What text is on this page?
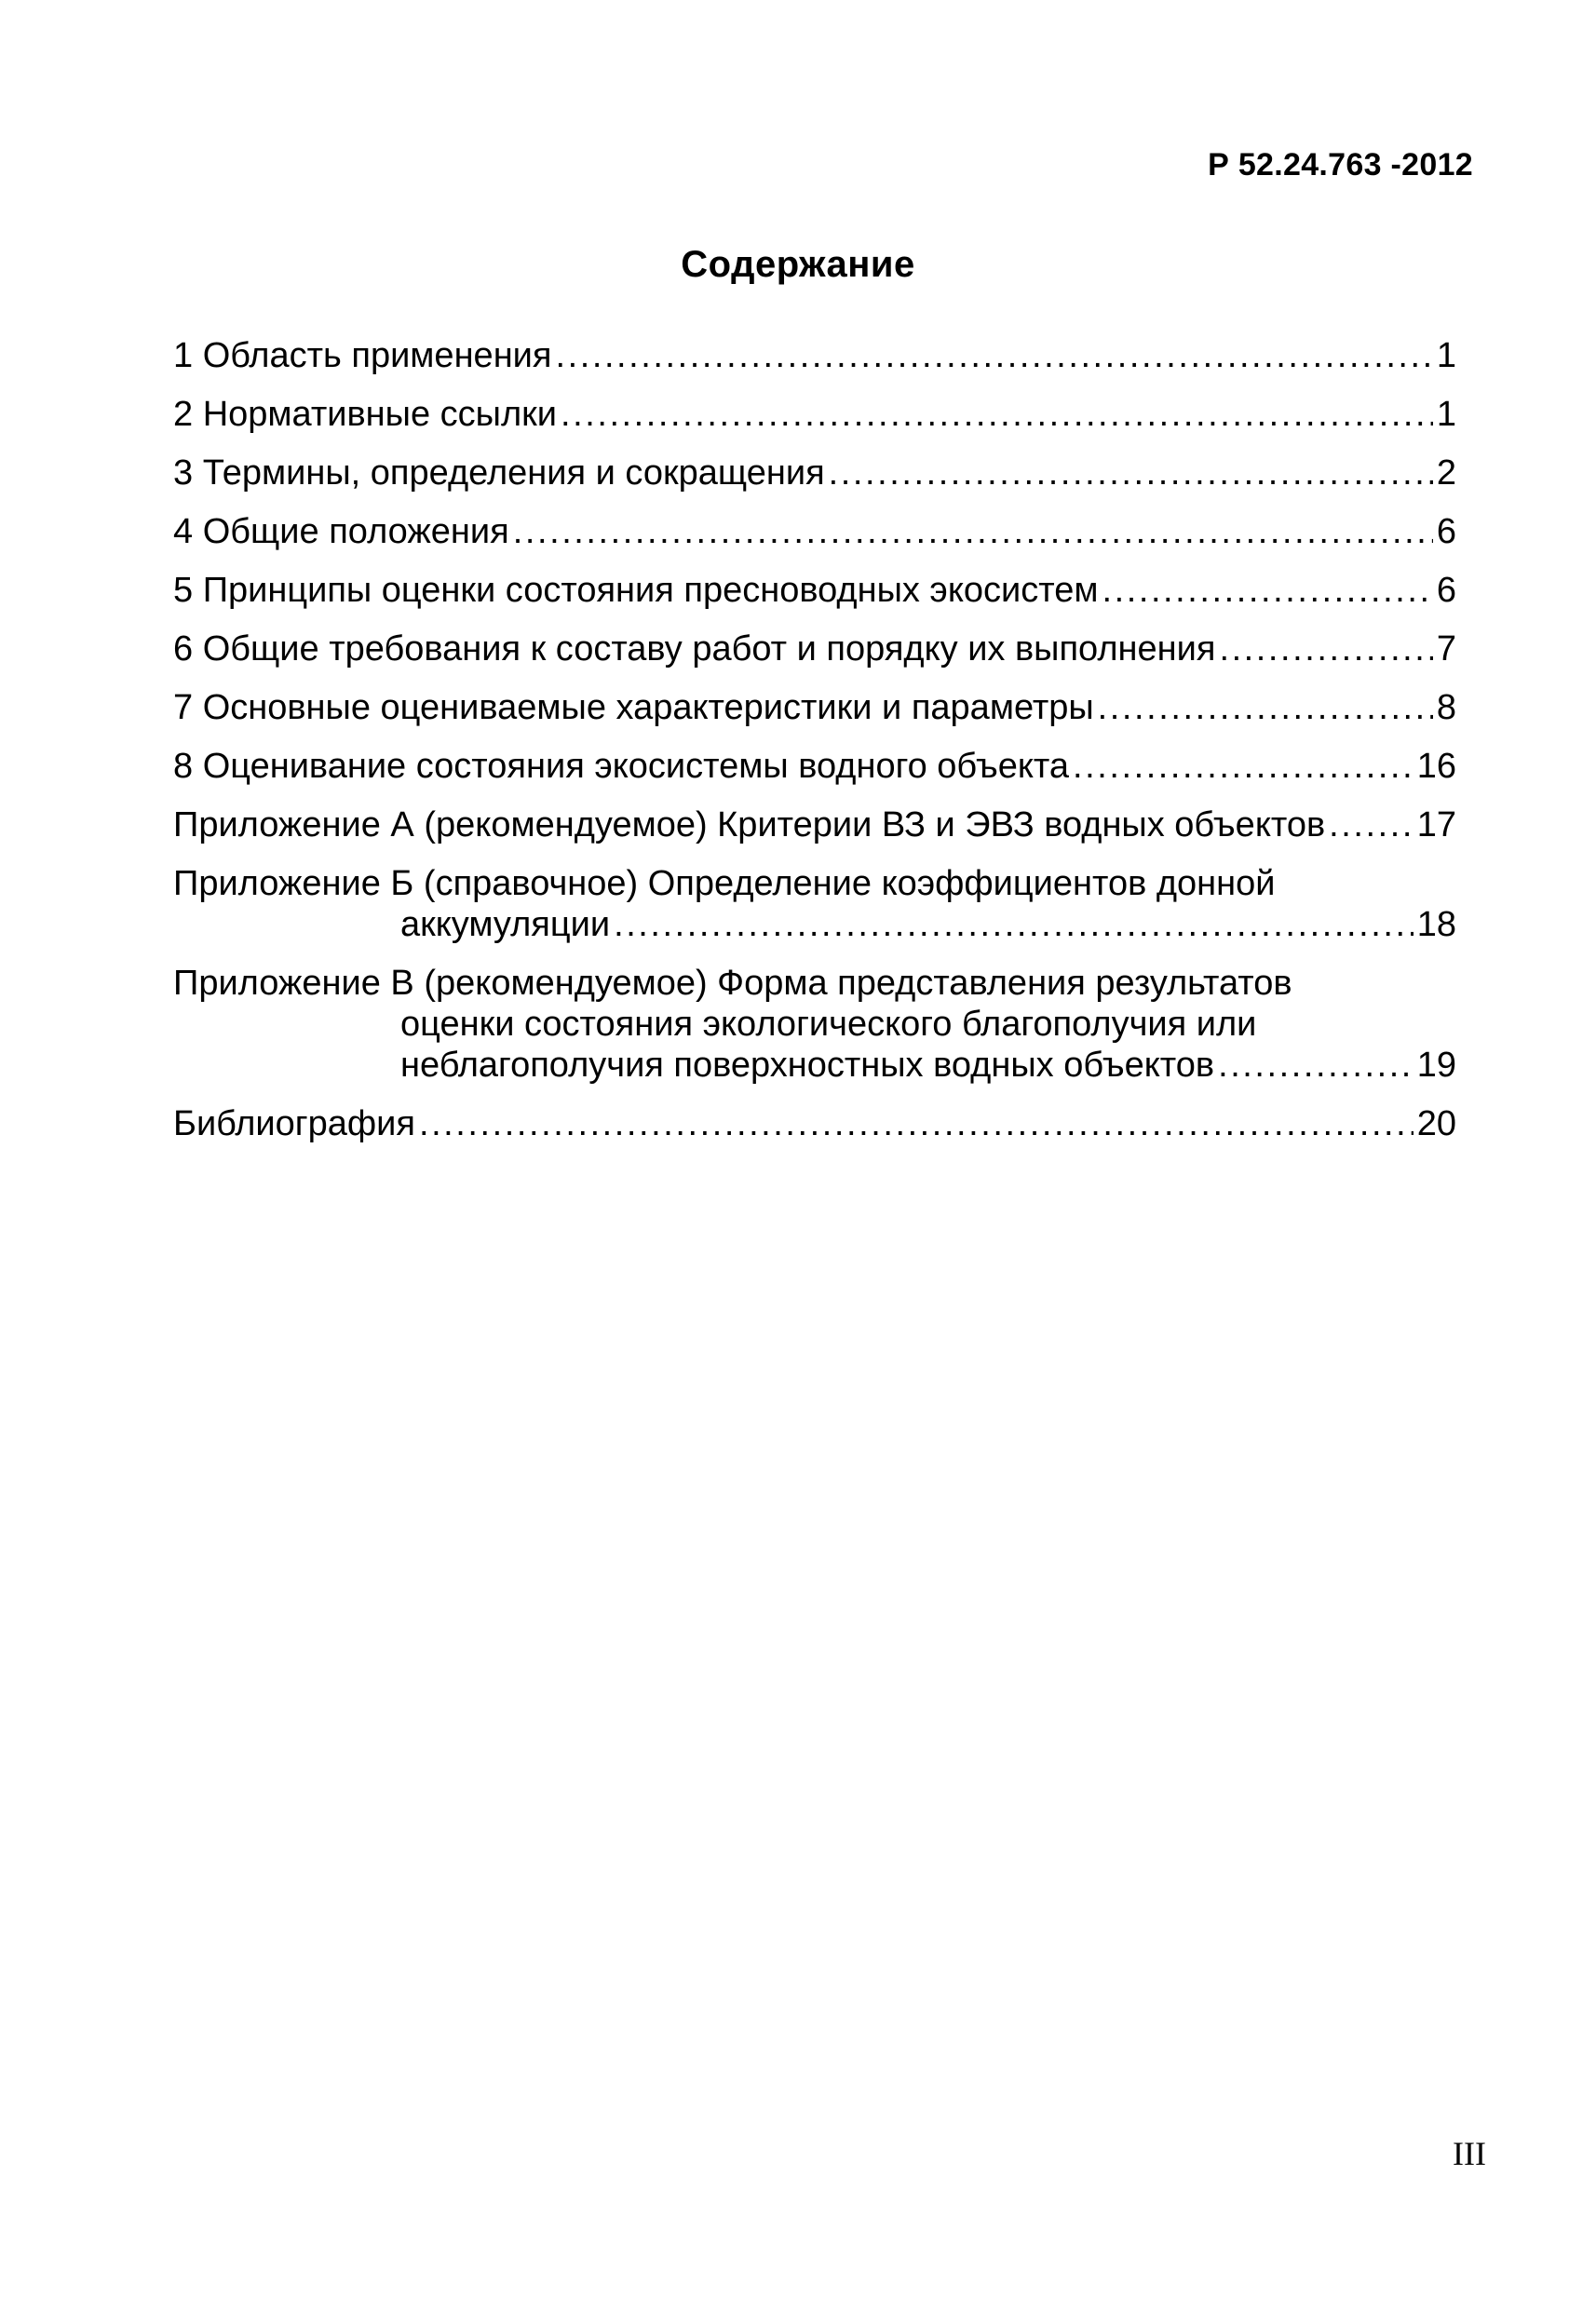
Р 52.24.763 -2012
Содержание
1 Область применения . . .	1
2 Нормативные ссылки . . .	1
3 Термины, определения и сокращения . . .	2
4 Общие положения . . .	6
5 Принципы оценки состояния пресноводных экосистем . . .	6
6 Общие требования к составу работ и порядку их выполнения . . .	7
7 Основные оцениваемые характеристики и параметры . . .	8
8 Оценивание состояния экосистемы водного объекта . . .	16
Приложение А (рекомендуемое) Критерии ВЗ и ЭВЗ водных объектов . . .	17
Приложение Б (справочное) Определение коэффициентов донной
аккумуляции . . .	18
Приложение В (рекомендуемое) Форма представления результатов
оценки состояния экологического благополучия или
неблагополучия поверхностных водных объектов . . .	19
Библиография . . .	20
III
